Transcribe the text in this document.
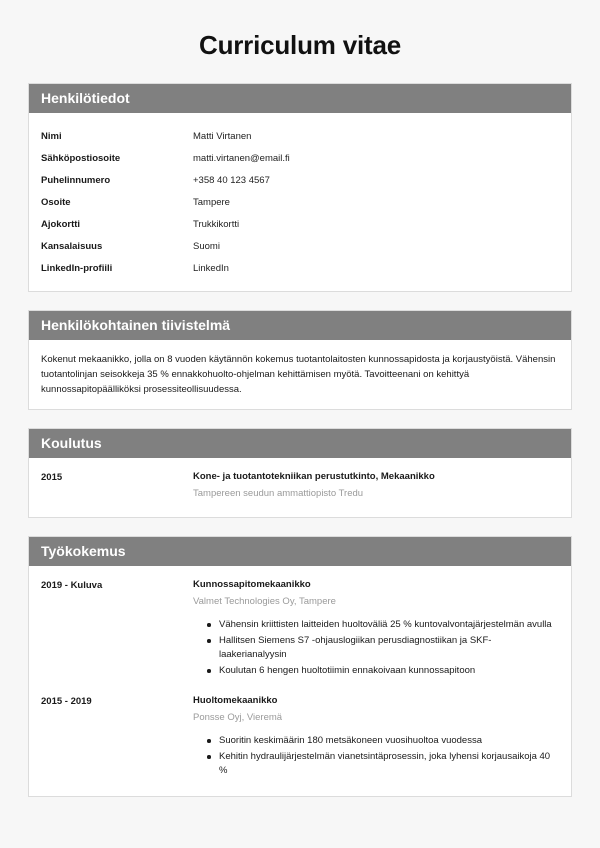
Curriculum vitae
Henkilötiedot
Nimi	Matti Virtanen
Sähköpostiosoite	matti.virtanen@email.fi
Puhelinnumero	+358 40 123 4567
Osoite	Tampere
Ajokortti	Trukkikortti
Kansalaisuus	Suomi
LinkedIn-profiili	LinkedIn
Henkilökohtainen tiivistelmä

Kokenut mekaanikko, jolla on 8 vuoden käytännön kokemus tuotantolaitosten kunnossapidosta ja korjaustyöistä. Vähensin tuotantolinjan seisokkeja 35 % ennakkohuolto-ohjelman kehittämisen myötä. Tavoitteenani on kehittyä kunnossapitopäälliköksi prosessiteollisuudessa.

Koulutus
2015	Kone- ja tuotantotekniikan perustutkinto, Mekaanikko
Tampereen seudun ammattiopisto Tredu
Työkokemus
2019 - Kuluva	Kunnossapitomekaanikko
Valmet Technologies Oy, Tampere
Vähensin kriittisten laitteiden huoltoväliä 25 % kuntovalvontajärjestelmän avulla
Hallitsen Siemens S7 -ohjauslogiikan perusdiagnostiikan ja SKF-laakerianalyysin
Koulutan 6 hengen huoltotiimin ennakoivaan kunnossapitoon
2015 - 2019	Huoltomekaanikko
Ponsse Oyj, Vieremä
Suoritin keskimäärin 180 metsäkoneen vuosihuoltoa vuodessa
Kehitin hydraulijärjestelmän vianetsintäprosessin, joka lyhensi korjausaikoja 40 %
